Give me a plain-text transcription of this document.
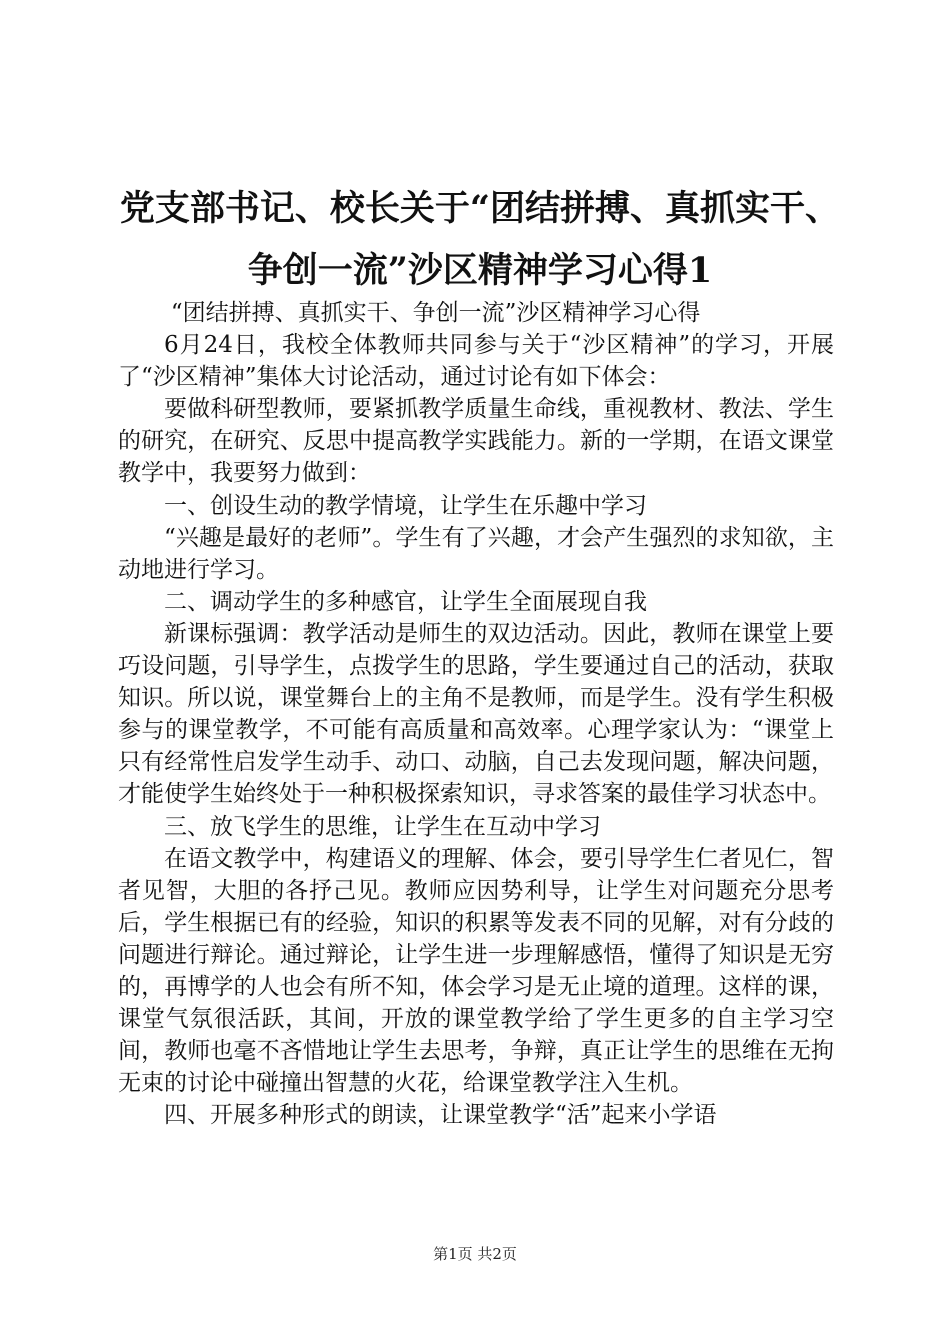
党支部书记、校长关于“团结拼搏、真抓实干、
争创一流”沙区精神学习心得1

“团结拼搏、真抓实干、争创一流”沙区精神学习心得

6月24日，我校全体教师共同参与关于“沙区精神”的学习，开展了“沙区精神”集体大讨论活动，通过讨论有如下体会：

要做科研型教师，要紧抓教学质量生命线，重视教材、教法、学生的研究，在研究、反思中提高教学实践能力。新的一学期，在语文课堂教学中，我要努力做到：

一、创设生动的教学情境，让学生在乐趣中学习

“兴趣是最好的老师”。学生有了兴趣，才会产生强烈的求知欲，主动地进行学习。

二、调动学生的多种感官，让学生全面展现自我

新课标强调：教学活动是师生的双边活动。因此，教师在课堂上要巧设问题，引导学生，点拨学生的思路，学生要通过自己的活动，获取知识。所以说，课堂舞台上的主角不是教师，而是学生。没有学生积极参与的课堂教学，不可能有高质量和高效率。心理学家认为：“课堂上只有经常性启发学生动手、动口、动脑，自己去发现问题，解决问题，才能使学生始终处于一种积极探索知识，寻求答案的最佳学习状态中。

三、放飞学生的思维，让学生在互动中学习

在语文教学中，构建语义的理解、体会，要引导学生仁者见仁，智者见智，大胆的各抒己见。教师应因势利导，让学生对问题充分思考后，学生根据已有的经验，知识的积累等发表不同的见解，对有分歧的问题进行辩论。通过辩论，让学生进一步理解感悟，懂得了知识是无穷的，再博学的人也会有所不知，体会学习是无止境的道理。这样的课，课堂气氛很活跃，其间，开放的课堂教学给了学生更多的自主学习空间，教师也毫不吝惜地让学生去思考，争辩，真正让学生的思维在无拘无束的讨论中碰撞出智慧的火花，给课堂教学注入生机。

四、开展多种形式的朗读，让课堂教学“活”起来小学语

第1页 共2页
